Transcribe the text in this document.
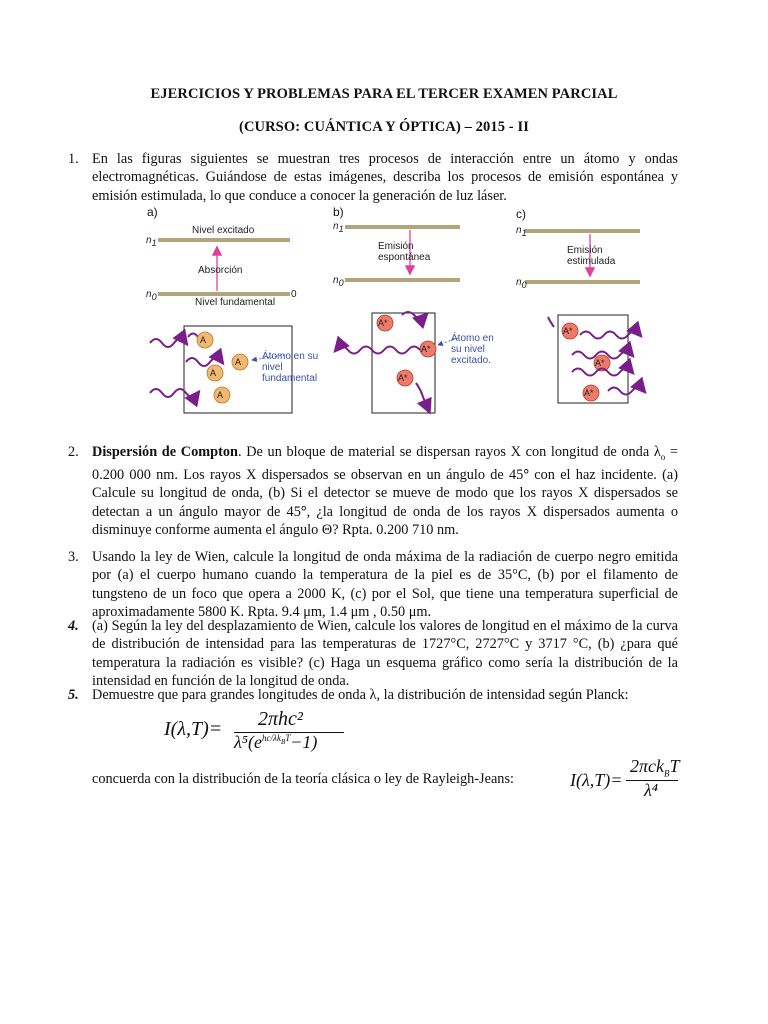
EJERCICIOS Y PROBLEMAS PARA EL TERCER EXAMEN PARCIAL
(CURSO: CUÁNTICA Y ÓPTICA) – 2015 - II
1. En las figuras siguientes se muestran tres procesos de interacción entre un átomo y ondas electromagnéticas. Guiándose de estas imágenes, describa los procesos de emisión espontánea y emisión estimulada, lo que conduce a conocer la generación de luz láser.
a)
Nivel excitado
$n_1$
Absorción
$n_0$	0
Nivel fundamental
A
A
A
A
Átomo en su nivel fundamental
b)
$n_1$
Emisión espontánea
$n_0$
A*
A*
A*
Átomo en su nivel excitado.
c)
$n_1$
Emisión estimulada
$n_0$
A*
A*
A*
2. Dispersión de Compton. De un bloque de material se dispersan rayos X con longitud de onda $\lambda_o = 0.200$ 000 nm. Los rayos X dispersados se observan en un ángulo de 45° con el haz incidente. (a) Calcule su longitud de onda, (b) Si el detector se mueve de modo que los rayos X dispersados se detectan a un ángulo mayor de 45°, ¿la longitud de onda de los rayos X dispersados aumenta o disminuye conforme aumenta el ángulo Θ? Rpta. 0.200 710 nm.
3. Usando la ley de Wien, calcule la longitud de onda máxima de la radiación de cuerpo negro emitida por (a) el cuerpo humano cuando la temperatura de la piel es de 35°C, (b) por el filamento de tungsteno de un foco que opera a 2000 K, (c) por el Sol, que tiene una temperatura superficial de aproximadamente 5800 K. Rpta. 9.4 μm, 1.4 μm , 0.50 μm.
4. (a) Según la ley del desplazamiento de Wien, calcule los valores de longitud en el máximo de la curva de distribución de intensidad para las temperaturas de 1727°C, 2727°C y 3717 °C, (b) ¿para qué temperatura la radiación es visible? (c) Haga un esquema gráfico como sería la distribución de la intensidad en función de la longitud de onda.
5. Demuestre que para grandes longitudes de onda λ, la distribución de intensidad según Planck:
I(λ,T)= 2πhc²
$\lambda^5(e^{hc/\lambda k_BT}-1)$
concuerda con la distribución de la teoría clásica o ley de Rayleigh-Jeans:	I(λ,T)=
2πck$_B$T
λ⁴
